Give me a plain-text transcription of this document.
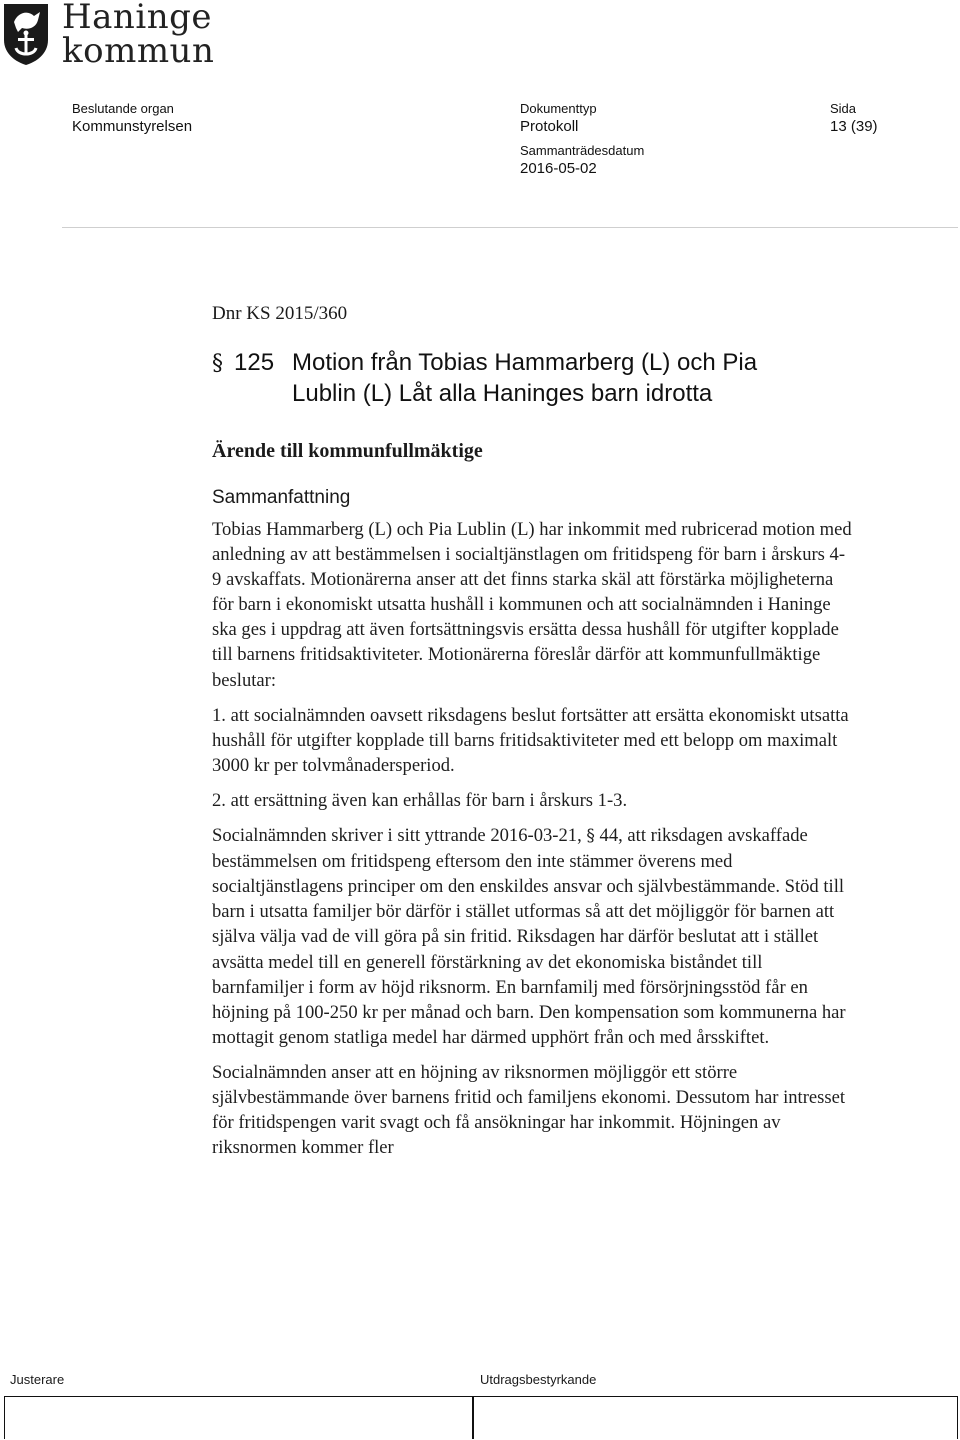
Haninge
kommun
Beslutande organ
Kommunstyrelsen
Dokumenttyp
Protokoll
Sammanträdesdatum
2016-05-02
Sida
13 (39)
Dnr KS 2015/360
§ 125 Motion från Tobias Hammarberg (L) och Pia Lublin (L) Låt alla Haninges barn idrotta
Ärende till kommunfullmäktige
Sammanfattning

Tobias Hammarberg (L) och Pia Lublin (L) har inkommit med rubricerad motion med anledning av att bestämmelsen i socialtjänstlagen om fritidspeng för barn i årskurs 4-9 avskaffats. Motionärerna anser att det finns starka skäl att förstärka möjligheterna för barn i ekonomiskt utsatta hushåll i kommunen och att socialnämnden i Haninge ska ges i uppdrag att även fortsättningsvis ersätta dessa hushåll för utgifter kopplade till barnens fritidsaktiviteter. Motionärerna föreslår därför att kommunfullmäktige beslutar:

1. att socialnämnden oavsett riksdagens beslut fortsätter att ersätta ekonomiskt utsatta hushåll för utgifter kopplade till barns fritidsaktiviteter med ett belopp om maximalt 3000 kr per tolvmånadersperiod.

2. att ersättning även kan erhållas för barn i årskurs 1-3.

Socialnämnden skriver i sitt yttrande 2016-03-21, § 44, att riksdagen avskaffade bestämmelsen om fritidspeng eftersom den inte stämmer överens med socialtjänstlagens principer om den enskildes ansvar och självbestämmande. Stöd till barn i utsatta familjer bör därför i stället utformas så att det möjliggör för barnen att själva välja vad de vill göra på sin fritid. Riksdagen har därför beslutat att i stället avsätta medel till en generell förstärkning av det ekonomiska biståndet till barnfamiljer i form av höjd riksnorm. En barnfamilj med försörjningsstöd får en höjning på 100-250 kr per månad och barn. Den kompensation som kommunerna har mottagit genom statliga medel har därmed upphört från och med årsskiftet.

Socialnämnden anser att en höjning av riksnormen möjliggör ett större självbestämmande över barnens fritid och familjens ekonomi. Dessutom har intresset för fritidspengen varit svagt och få ansökningar har inkommit. Höjningen av riksnormen kommer fler

Justerare	Utdragsbestyrkande
